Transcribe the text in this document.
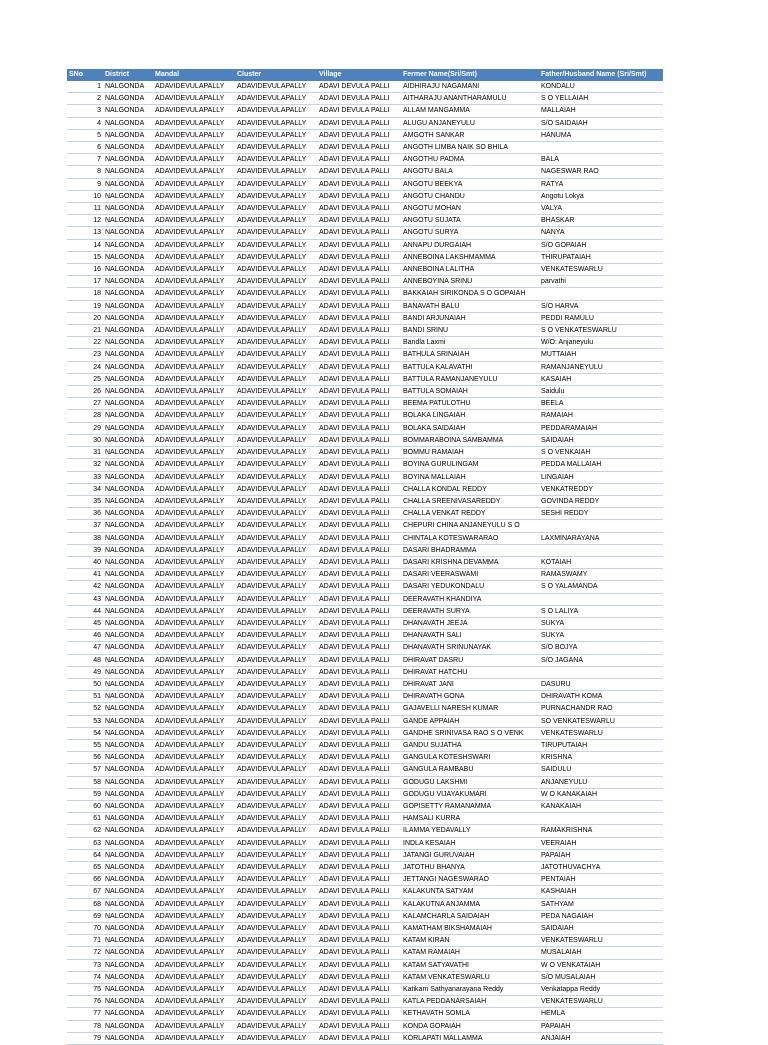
SNo	District	Mandal	Cluster	Village	Fermer Name(Sri/Smt)	Father/Husband Name (Sri/Smt)
1	NALGONDA	ADAVIDEVULAPALLY	ADAVIDEVULAPALLY	ADAVI DEVULA PALLI	AIDHIRAJU NAGAMANI	KONDALU
2	NALGONDA	ADAVIDEVULAPALLY	ADAVIDEVULAPALLY	ADAVI DEVULA PALLI	AITHARAJU ANANTHARAMULU	S O YELLAIAH
3	NALGONDA	ADAVIDEVULAPALLY	ADAVIDEVULAPALLY	ADAVI DEVULA PALLI	ALLAM MANGAMMA	MALLAIAH
4	NALGONDA	ADAVIDEVULAPALLY	ADAVIDEVULAPALLY	ADAVI DEVULA PALLI	ALUGU ANJANEYULU	S/O SAIDAIAH
5	NALGONDA	ADAVIDEVULAPALLY	ADAVIDEVULAPALLY	ADAVI DEVULA PALLI	AMGOTH SANKAR	HANUMA
6	NALGONDA	ADAVIDEVULAPALLY	ADAVIDEVULAPALLY	ADAVI DEVULA PALLI	ANGOTH LIMBA NAIK SO BHILA	
7	NALGONDA	ADAVIDEVULAPALLY	ADAVIDEVULAPALLY	ADAVI DEVULA PALLI	ANGOTHU PADMA	BALA
8	NALGONDA	ADAVIDEVULAPALLY	ADAVIDEVULAPALLY	ADAVI DEVULA PALLI	ANGOTU BALA	NAGESWAR RAO
9	NALGONDA	ADAVIDEVULAPALLY	ADAVIDEVULAPALLY	ADAVI DEVULA PALLI	ANGOTU BEEKYA	RATYA
10	NALGONDA	ADAVIDEVULAPALLY	ADAVIDEVULAPALLY	ADAVI DEVULA PALLI	ANGOTU CHANDU	Angotu Lokya
11	NALGONDA	ADAVIDEVULAPALLY	ADAVIDEVULAPALLY	ADAVI DEVULA PALLI	ANGOTU MOHAN	VALYA
12	NALGONDA	ADAVIDEVULAPALLY	ADAVIDEVULAPALLY	ADAVI DEVULA PALLI	ANGOTU SUJATA	BHASKAR
13	NALGONDA	ADAVIDEVULAPALLY	ADAVIDEVULAPALLY	ADAVI DEVULA PALLI	ANGOTU SURYA	NANYA
14	NALGONDA	ADAVIDEVULAPALLY	ADAVIDEVULAPALLY	ADAVI DEVULA PALLI	ANNAPU DURGAIAH	S/O GOPAIAH
15	NALGONDA	ADAVIDEVULAPALLY	ADAVIDEVULAPALLY	ADAVI DEVULA PALLI	ANNEBOINA LAKSHMAMMA	THIRUPATAIAH
16	NALGONDA	ADAVIDEVULAPALLY	ADAVIDEVULAPALLY	ADAVI DEVULA PALLI	ANNEBOINA LALITHA	VENKATESWARLU
17	NALGONDA	ADAVIDEVULAPALLY	ADAVIDEVULAPALLY	ADAVI DEVULA PALLI	ANNEBOYINA SRINU	parvathi
18	NALGONDA	ADAVIDEVULAPALLY	ADAVIDEVULAPALLY	ADAVI DEVULA PALLI	BAKKAIAH SIRIKONDA S O GOPAIAH	
19	NALGONDA	ADAVIDEVULAPALLY	ADAVIDEVULAPALLY	ADAVI DEVULA PALLI	BANAVATH BALU	S/O HARVA
20	NALGONDA	ADAVIDEVULAPALLY	ADAVIDEVULAPALLY	ADAVI DEVULA PALLI	BANDI ARJUNAIAH	PEDDI RAMULU
21	NALGONDA	ADAVIDEVULAPALLY	ADAVIDEVULAPALLY	ADAVI DEVULA PALLI	BANDI SRINU	S O VENKATESWARLU
22	NALGONDA	ADAVIDEVULAPALLY	ADAVIDEVULAPALLY	ADAVI DEVULA PALLI	Bandla Laxmi	W/O: Anjaneyulu
23	NALGONDA	ADAVIDEVULAPALLY	ADAVIDEVULAPALLY	ADAVI DEVULA PALLI	BATHULA SRINAIAH	MUTTAIAH
24	NALGONDA	ADAVIDEVULAPALLY	ADAVIDEVULAPALLY	ADAVI DEVULA PALLI	BATTULA KALAVATHI	RAMANJANEYULU
25	NALGONDA	ADAVIDEVULAPALLY	ADAVIDEVULAPALLY	ADAVI DEVULA PALLI	BATTULA RAMANJANEYULU	KASAIAH
26	NALGONDA	ADAVIDEVULAPALLY	ADAVIDEVULAPALLY	ADAVI DEVULA PALLI	BATTULA SOMAIAH	Saidulu
27	NALGONDA	ADAVIDEVULAPALLY	ADAVIDEVULAPALLY	ADAVI DEVULA PALLI	BEEMA PATULOTHU	BEELA
28	NALGONDA	ADAVIDEVULAPALLY	ADAVIDEVULAPALLY	ADAVI DEVULA PALLI	BOLAKA LINGAIAH	RAMAIAH
29	NALGONDA	ADAVIDEVULAPALLY	ADAVIDEVULAPALLY	ADAVI DEVULA PALLI	BOLAKA SAIDAIAH	PEDDARAMAIAH
30	NALGONDA	ADAVIDEVULAPALLY	ADAVIDEVULAPALLY	ADAVI DEVULA PALLI	BOMMARABOINA SAMBAMMA	SAIDAIAH
31	NALGONDA	ADAVIDEVULAPALLY	ADAVIDEVULAPALLY	ADAVI DEVULA PALLI	BOMMU RAMAIAH	S O VENKAIAH
32	NALGONDA	ADAVIDEVULAPALLY	ADAVIDEVULAPALLY	ADAVI DEVULA PALLI	BOYINA GURULINGAM	PEDDA MALLAIAH
33	NALGONDA	ADAVIDEVULAPALLY	ADAVIDEVULAPALLY	ADAVI DEVULA PALLI	BOYINA MALLAIAH	LINGAIAH
34	NALGONDA	ADAVIDEVULAPALLY	ADAVIDEVULAPALLY	ADAVI DEVULA PALLI	CHALLA KONDAL REDDY	VENKATREDDY
35	NALGONDA	ADAVIDEVULAPALLY	ADAVIDEVULAPALLY	ADAVI DEVULA PALLI	CHALLA SREENIVASAREDDY	GOVINDA REDDY
36	NALGONDA	ADAVIDEVULAPALLY	ADAVIDEVULAPALLY	ADAVI DEVULA PALLI	CHALLA VENKAT REDDY	SESHI REDDY
37	NALGONDA	ADAVIDEVULAPALLY	ADAVIDEVULAPALLY	ADAVI DEVULA PALLI	CHEPURI CHINA ANJANEYULU S O	
38	NALGONDA	ADAVIDEVULAPALLY	ADAVIDEVULAPALLY	ADAVI DEVULA PALLI	CHINTALA KOTESWARARAO	LAXMINARAYANA
39	NALGONDA	ADAVIDEVULAPALLY	ADAVIDEVULAPALLY	ADAVI DEVULA PALLI	DASARI BHADRAMMA	
40	NALGONDA	ADAVIDEVULAPALLY	ADAVIDEVULAPALLY	ADAVI DEVULA PALLI	DASARI KRISHNA DEVAMMA	KOTAIAH
41	NALGONDA	ADAVIDEVULAPALLY	ADAVIDEVULAPALLY	ADAVI DEVULA PALLI	DASARI VEERASWAMI	RAMASWAMY
42	NALGONDA	ADAVIDEVULAPALLY	ADAVIDEVULAPALLY	ADAVI DEVULA PALLI	DASARI YEDUKONDALU	S O YALAMANDA
43	NALGONDA	ADAVIDEVULAPALLY	ADAVIDEVULAPALLY	ADAVI DEVULA PALLI	DEERAVATH KHANDIYA	
44	NALGONDA	ADAVIDEVULAPALLY	ADAVIDEVULAPALLY	ADAVI DEVULA PALLI	DEERAVATH SURYA	S O LALIYA
45	NALGONDA	ADAVIDEVULAPALLY	ADAVIDEVULAPALLY	ADAVI DEVULA PALLI	DHANAVATH JEEJA	SUKYA
46	NALGONDA	ADAVIDEVULAPALLY	ADAVIDEVULAPALLY	ADAVI DEVULA PALLI	DHANAVATH SALI	SUKYA
47	NALGONDA	ADAVIDEVULAPALLY	ADAVIDEVULAPALLY	ADAVI DEVULA PALLI	DHANAVATH SRINUNAYAK	S/O BOJYA
48	NALGONDA	ADAVIDEVULAPALLY	ADAVIDEVULAPALLY	ADAVI DEVULA PALLI	DHIRAVAT DASRU	S/O JAGANA
49	NALGONDA	ADAVIDEVULAPALLY	ADAVIDEVULAPALLY	ADAVI DEVULA PALLI	DHIRAVAT HATCHU	
50	NALGONDA	ADAVIDEVULAPALLY	ADAVIDEVULAPALLY	ADAVI DEVULA PALLI	DHIRAVAT JANI	DASURU
51	NALGONDA	ADAVIDEVULAPALLY	ADAVIDEVULAPALLY	ADAVI DEVULA PALLI	DHIRAVATH GONA	DHIRAVATH KOMA
52	NALGONDA	ADAVIDEVULAPALLY	ADAVIDEVULAPALLY	ADAVI DEVULA PALLI	GAJAVELLI NARESH KUMAR	PURNACHANDR RAO
53	NALGONDA	ADAVIDEVULAPALLY	ADAVIDEVULAPALLY	ADAVI DEVULA PALLI	GANDE APPAIAH	SO VENKATESWARLU
54	NALGONDA	ADAVIDEVULAPALLY	ADAVIDEVULAPALLY	ADAVI DEVULA PALLI	GANDHE SRINIVASA RAO S O VENK	VENKATESWARLU
55	NALGONDA	ADAVIDEVULAPALLY	ADAVIDEVULAPALLY	ADAVI DEVULA PALLI	GANDU SUJATHA	TIRUPUTAIAH
56	NALGONDA	ADAVIDEVULAPALLY	ADAVIDEVULAPALLY	ADAVI DEVULA PALLI	GANGULA KOTESHSWARI	KRISHNA
57	NALGONDA	ADAVIDEVULAPALLY	ADAVIDEVULAPALLY	ADAVI DEVULA PALLI	GANGULA RAMBABU	SAIDULU
58	NALGONDA	ADAVIDEVULAPALLY	ADAVIDEVULAPALLY	ADAVI DEVULA PALLI	GODUGU LAKSHMI	ANJANEYULU
59	NALGONDA	ADAVIDEVULAPALLY	ADAVIDEVULAPALLY	ADAVI DEVULA PALLI	GODUGU VIJAYAKUMARI	W O KANAKAIAH
60	NALGONDA	ADAVIDEVULAPALLY	ADAVIDEVULAPALLY	ADAVI DEVULA PALLI	GOPISETTY RAMANAMMA	KANAKAIAH
61	NALGONDA	ADAVIDEVULAPALLY	ADAVIDEVULAPALLY	ADAVI DEVULA PALLI	HAMSALI KURRA	
62	NALGONDA	ADAVIDEVULAPALLY	ADAVIDEVULAPALLY	ADAVI DEVULA PALLI	ILAMMA YEDAVALLY	RAMAKRISHNA
63	NALGONDA	ADAVIDEVULAPALLY	ADAVIDEVULAPALLY	ADAVI DEVULA PALLI	INDLA KESAIAH	VEERAIAH
64	NALGONDA	ADAVIDEVULAPALLY	ADAVIDEVULAPALLY	ADAVI DEVULA PALLI	JATANGI GURUVAIAH	PAPAIAH
65	NALGONDA	ADAVIDEVULAPALLY	ADAVIDEVULAPALLY	ADAVI DEVULA PALLI	JATOTHU BHANYA	JATOTHUVACHYA
66	NALGONDA	ADAVIDEVULAPALLY	ADAVIDEVULAPALLY	ADAVI DEVULA PALLI	JETTANGI NAGESWARAO	PENTAIAH
67	NALGONDA	ADAVIDEVULAPALLY	ADAVIDEVULAPALLY	ADAVI DEVULA PALLI	KALAKUNTA SATYAM	KASHAIAH
68	NALGONDA	ADAVIDEVULAPALLY	ADAVIDEVULAPALLY	ADAVI DEVULA PALLI	KALAKUTNA ANJAMMA	SATHYAM
69	NALGONDA	ADAVIDEVULAPALLY	ADAVIDEVULAPALLY	ADAVI DEVULA PALLI	KALAMCHARLA SAIDAIAH	PEDA NAGAIAH
70	NALGONDA	ADAVIDEVULAPALLY	ADAVIDEVULAPALLY	ADAVI DEVULA PALLI	KAMATHAM BIKSHAMAIAH	SAIDAIAH
71	NALGONDA	ADAVIDEVULAPALLY	ADAVIDEVULAPALLY	ADAVI DEVULA PALLI	KATAM KIRAN	VENKATESWARLU
72	NALGONDA	ADAVIDEVULAPALLY	ADAVIDEVULAPALLY	ADAVI DEVULA PALLI	KATAM RAMAIAH	MUSALAIAH
73	NALGONDA	ADAVIDEVULAPALLY	ADAVIDEVULAPALLY	ADAVI DEVULA PALLI	KATAM SATYAVATHI	W O VENKATAIAH
74	NALGONDA	ADAVIDEVULAPALLY	ADAVIDEVULAPALLY	ADAVI DEVULA PALLI	KATAM VENKATESWARLU	S/O MUSALAIAH
75	NALGONDA	ADAVIDEVULAPALLY	ADAVIDEVULAPALLY	ADAVI DEVULA PALLI	Katikam Sathyanarayana Reddy	Venkatappa Reddy
76	NALGONDA	ADAVIDEVULAPALLY	ADAVIDEVULAPALLY	ADAVI DEVULA PALLI	KATLA PEDDANARSAIAH	VENKATESWARLU
77	NALGONDA	ADAVIDEVULAPALLY	ADAVIDEVULAPALLY	ADAVI DEVULA PALLI	KETHAVATH SOMLA	HEMLA
78	NALGONDA	ADAVIDEVULAPALLY	ADAVIDEVULAPALLY	ADAVI DEVULA PALLI	KONDA GOPAIAH	PAPAIAH
79	NALGONDA	ADAVIDEVULAPALLY	ADAVIDEVULAPALLY	ADAVI DEVULA PALLI	KORLAPATI MALLAMMA	ANJAIAH
